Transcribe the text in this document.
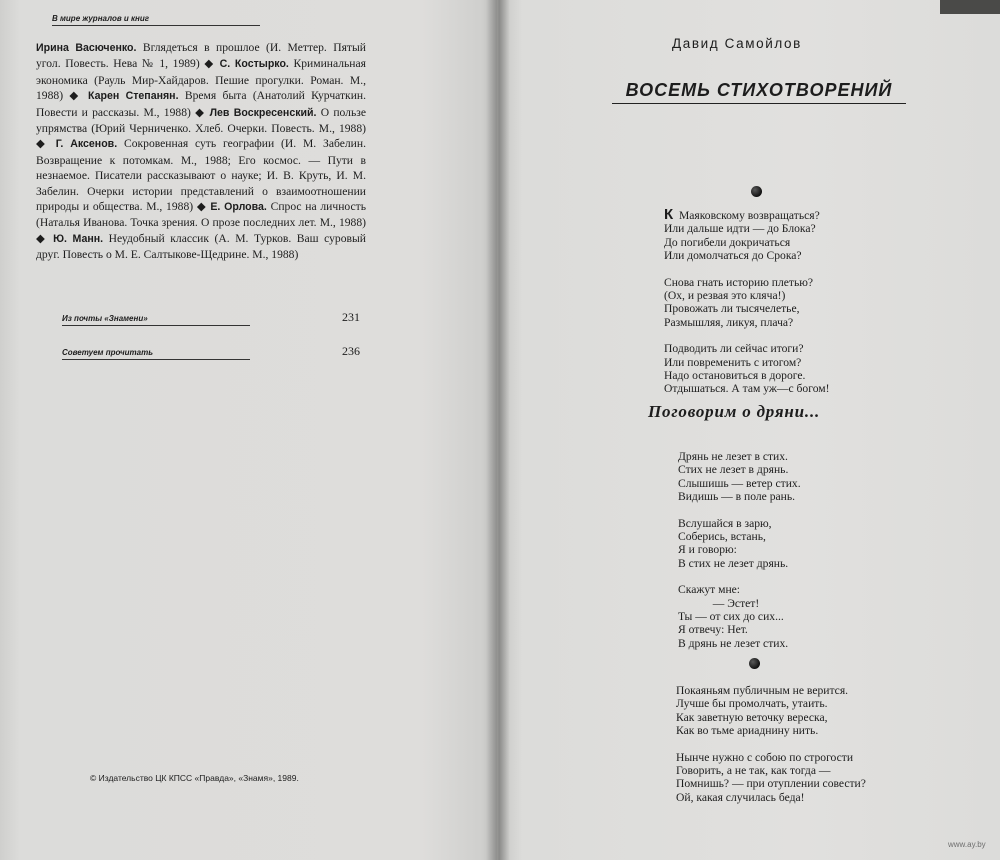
В мире журналов и книг

Ирина Васюченко. Вглядеться в прошлое (И. Меттер. Пятый угол. Повесть. Нева № 1, 1989) ◆ С. Костырко. Криминальная экономика (Рауль Мир-Хайдаров. Пешие прогулки. Роман. М., 1988) ◆ Карен Степанян. Время быта (Анатолий Курчаткин. Повести и рассказы. М., 1988) ◆ Лев Воскресенский. О пользе упрямства (Юрий Черниченко. Хлеб. Очерки. Повесть. М., 1988) ◆ Г. Аксенов. Сокровенная суть географии (И. М. Забелин. Возвращение к потомкам. М., 1988; Его космос. — Пути в незнаемое. Писатели рассказывают о науке; И. В. Круть, И. М. Забелин. Очерки истории представлений о взаимоотношении природы и общества. М., 1988) ◆ Е. Орлова. Спрос на личность (Наталья Иванова. Точка зрения. О прозе последних лет. М., 1988) ◆ Ю. Манн. Неудобный классик (А. М. Турков. Ваш суровый друг. Повесть о М. Е. Салтыкове-Щедрине. М., 1988)

Из почты «Знамени»	231
Советуем прочитать	236
© Издательство ЦК КПСС «Правда», «Знамя», 1989.
Давид Самойлов
ВОСЕМЬ СТИХОТВОРЕНИЙ
К  Маяковскому возвращаться?
Или дальше идти — до Блока?
До погибели докричаться
Или домолчаться до Срока?
Снова гнать историю плетью?
(Ох, и резвая это кляча!)
Провожать ли тысячелетье,
Размышляя, ликуя, плача?
Подводить ли сейчас итоги?
Или повременить с итогом?
Надо остановиться в дороге.
Отдышаться. А там уж—с богом!
Поговорим о дряни...
Дрянь не лезет в стих.
Стих не лезет в дрянь.
Слышишь — ветер стих.
Видишь — в поле рань.
Вслушайся в зарю,
Соберись, встань,
Я и говорю:
В стих не лезет дрянь.
Скажут мне:
— Эстет!
Ты — от сих до сих...
Я отвечу: Нет.
В дрянь не лезет стих.
Покаяньям публичным не верится.
Лучше бы промолчать, утаить.
Как заветную веточку вереска,
Как во тьме ариаднину нить.
Нынче нужно с собою по строгости
Говорить, а не так, как тогда —
Помнишь? — при отуплении совести?
Ой, какая случилась беда!
www.ay.by
